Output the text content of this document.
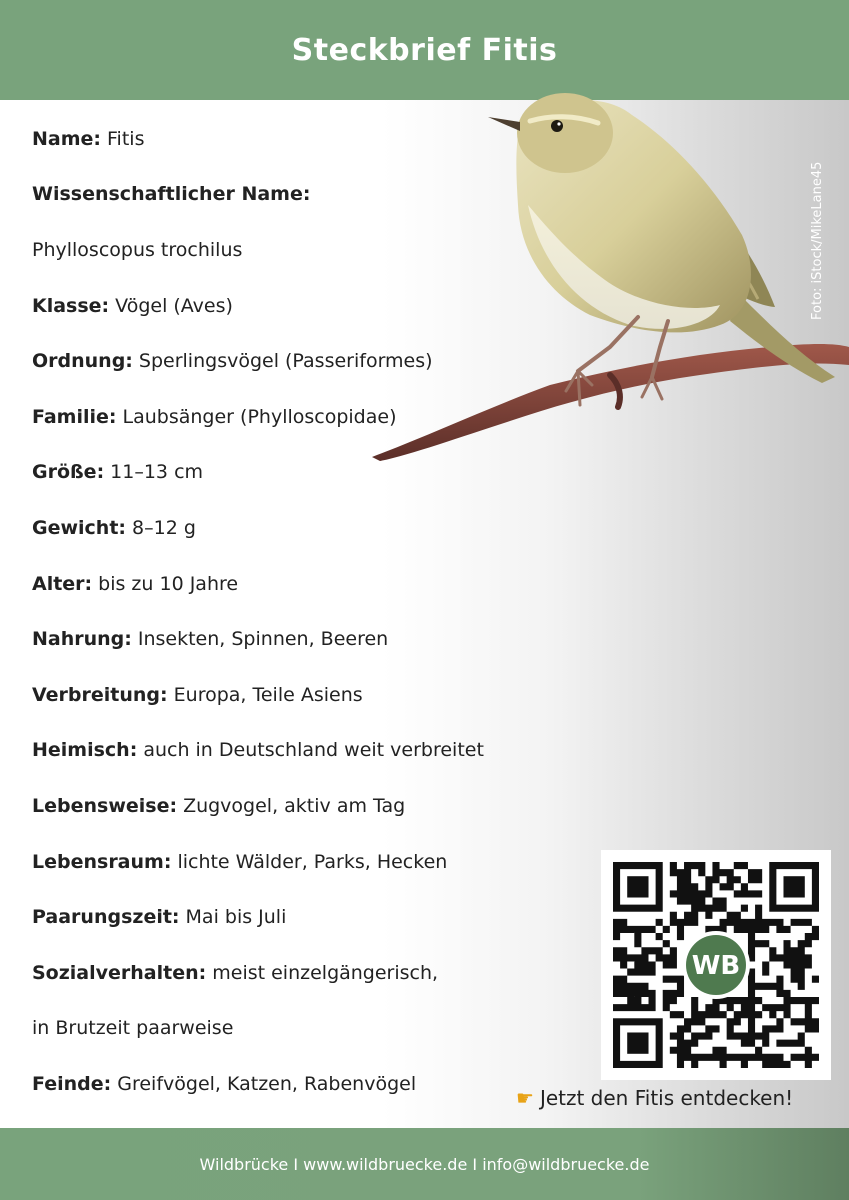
Steckbrief Fitis
Foto: iStock/MikeLane45
Name: Fitis
Wissenschaftlicher Name:
Phylloscopus trochilus
Klasse: Vögel (Aves)
Ordnung: Sperlingsvögel (Passeriformes)
Familie: Laubsänger (Phylloscopidae)
Größe: 11–13 cm
Gewicht: 8–12 g
Alter: bis zu 10 Jahre
Nahrung: Insekten, Spinnen, Beeren
Verbreitung: Europa, Teile Asiens
Heimisch: auch in Deutschland weit verbreitet
Lebensweise: Zugvogel, aktiv am Tag
Lebensraum: lichte Wälder, Parks, Hecken
Paarungszeit: Mai bis Juli
Sozialverhalten: meist einzelgängerisch,
in Brutzeit paarweise
Feinde: Greifvögel, Katzen, Rabenvögel
WB
☛ Jetzt den Fitis entdecken!
Wildbrücke I www.wildbruecke.de I info@wildbruecke.de
